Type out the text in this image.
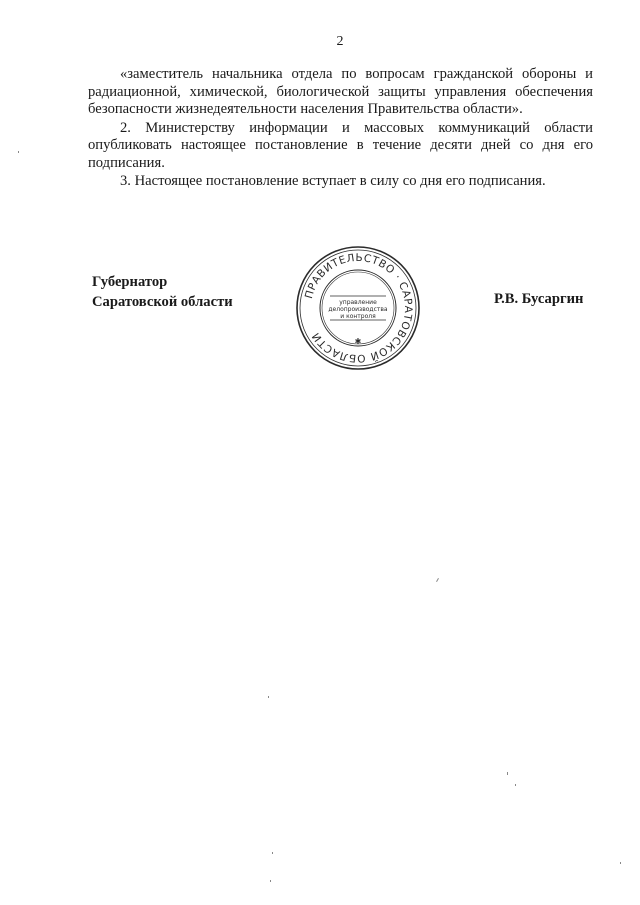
2

«заместитель начальника отдела по вопросам гражданской обороны и радиационной, химической, биологической защиты управления обеспечения безопасности жизнедеятельности населения Правительства области».

2. Министерству информации и массовых коммуникаций области опубликовать настоящее постановление в течение десяти дней со дня его подписания.

3. Настоящее постановление вступает в силу со дня его подписания.

Губернатор
Саратовской области	Р.В. Бусаргин
ПРАВИТЕЛЬСТВО · САРАТОВСКОЙ ОБЛАСТИ
управление
делопроизводства
и контроля
✱
